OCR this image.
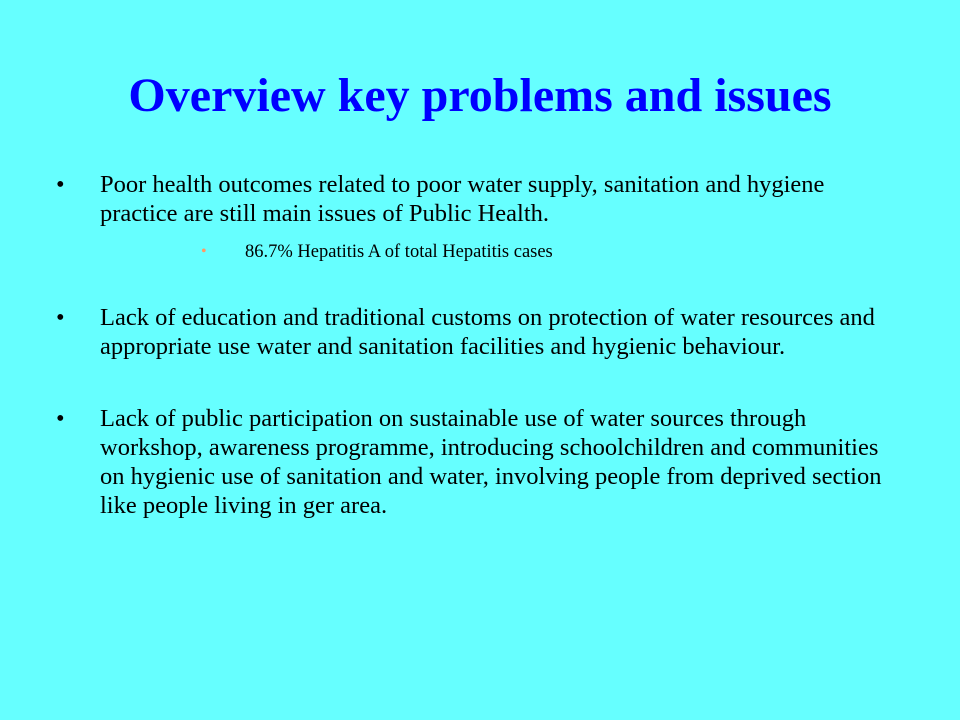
Overview key problems and issues
• Poor health outcomes related to poor water supply, sanitation and hygiene practice are still main issues of Public Health.
• 86.7% Hepatitis A of total Hepatitis cases
• Lack of education and traditional customs on protection of water resources and appropriate use water and sanitation facilities and hygienic behaviour.
• Lack of public participation on sustainable use of water sources through workshop, awareness programme, introducing schoolchildren and communities on hygienic use of sanitation and water, involving people from deprived section like people living in ger area.
